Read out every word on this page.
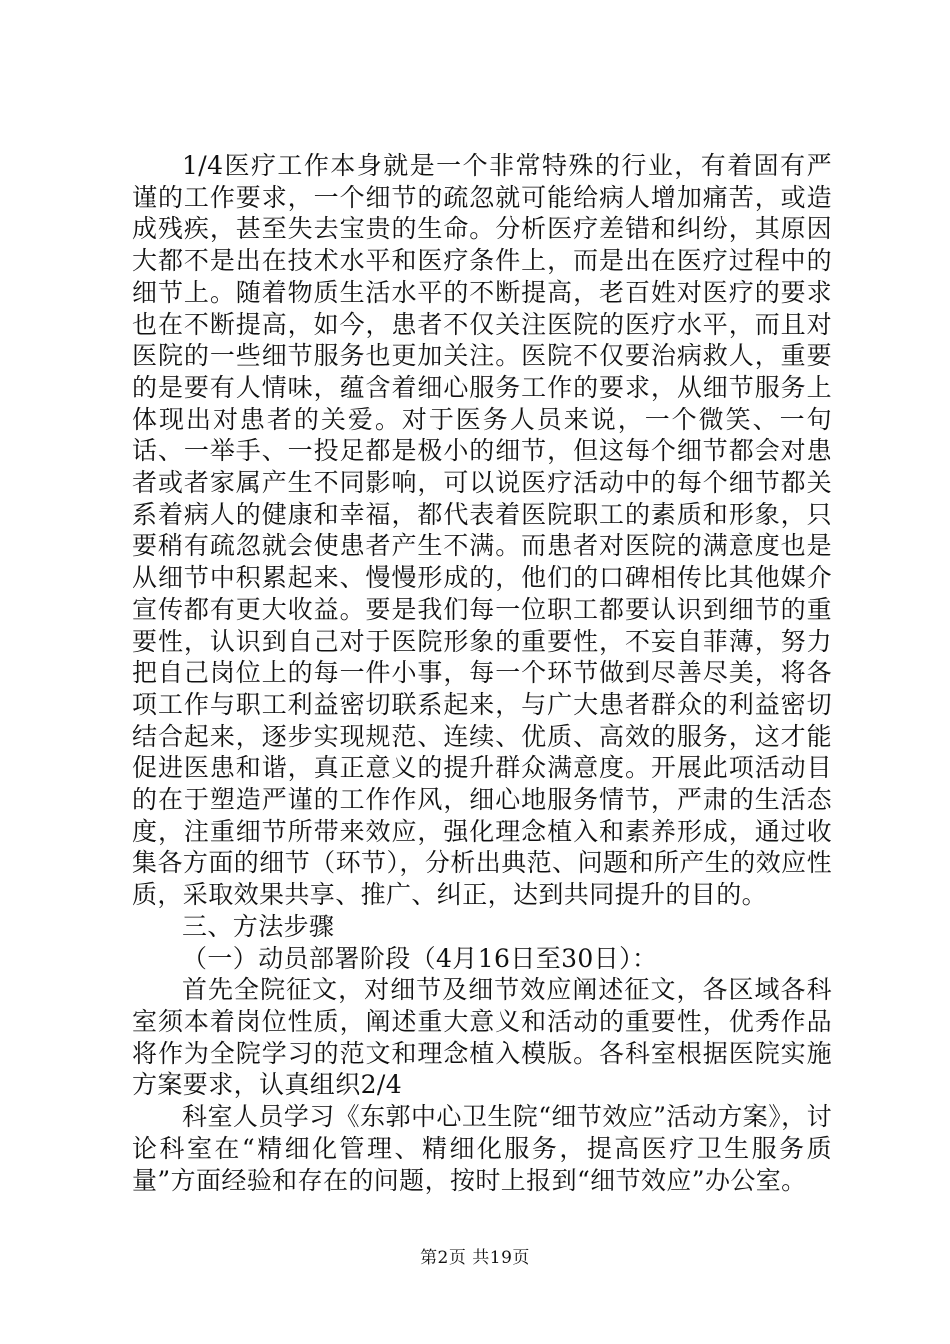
1/4医疗工作本身就是一个非常特殊的行业，有着固有严谨的工作要求，一个细节的疏忽就可能给病人增加痛苦，或造成残疾，甚至失去宝贵的生命。分析医疗差错和纠纷，其原因大都不是出在技术水平和医疗条件上，而是出在医疗过程中的细节上。随着物质生活水平的不断提高，老百姓对医疗的要求也在不断提高，如今，患者不仅关注医院的医疗水平，而且对医院的一些细节服务也更加关注。医院不仅要治病救人，重要的是要有人情味，蕴含着细心服务工作的要求，从细节服务上体现出对患者的关爱。对于医务人员来说，一个微笑、一句话、一举手、一投足都是极小的细节，但这每个细节都会对患者或者家属产生不同影响，可以说医疗活动中的每个细节都关系着病人的健康和幸福，都代表着医院职工的素质和形象，只要稍有疏忽就会使患者产生不满。而患者对医院的满意度也是从细节中积累起来、慢慢形成的，他们的口碑相传比其他媒介宣传都有更大收益。要是我们每一位职工都要认识到细节的重要性，认识到自己对于医院形象的重要性，不妄自菲薄，努力把自己岗位上的每一件小事，每一个环节做到尽善尽美，将各项工作与职工利益密切联系起来，与广大患者群众的利益密切结合起来，逐步实现规范、连续、优质、高效的服务，这才能促进医患和谐，真正意义的提升群众满意度。开展此项活动目的在于塑造严谨的工作作风，细心地服务情节，严肃的生活态度，注重细节所带来效应，强化理念植入和素养形成，通过收集各方面的细节（环节），分析出典范、问题和所产生的效应性质，采取效果共享、推广、纠正，达到共同提升的目的。

三、方法步骤

（一）动员部署阶段（4月16日至30日）：

首先全院征文，对细节及细节效应阐述征文，各区域各科室须本着岗位性质，阐述重大意义和活动的重要性，优秀作品将作为全院学习的范文和理念植入模版。各科室根据医院实施方案要求，认真组织2/4

科室人员学习《东郭中心卫生院“细节效应”活动方案》，讨论科室在“精细化管理、精细化服务，提高医疗卫生服务质量”方面经验和存在的问题，按时上报到“细节效应”办公室。

第2页 共19页
